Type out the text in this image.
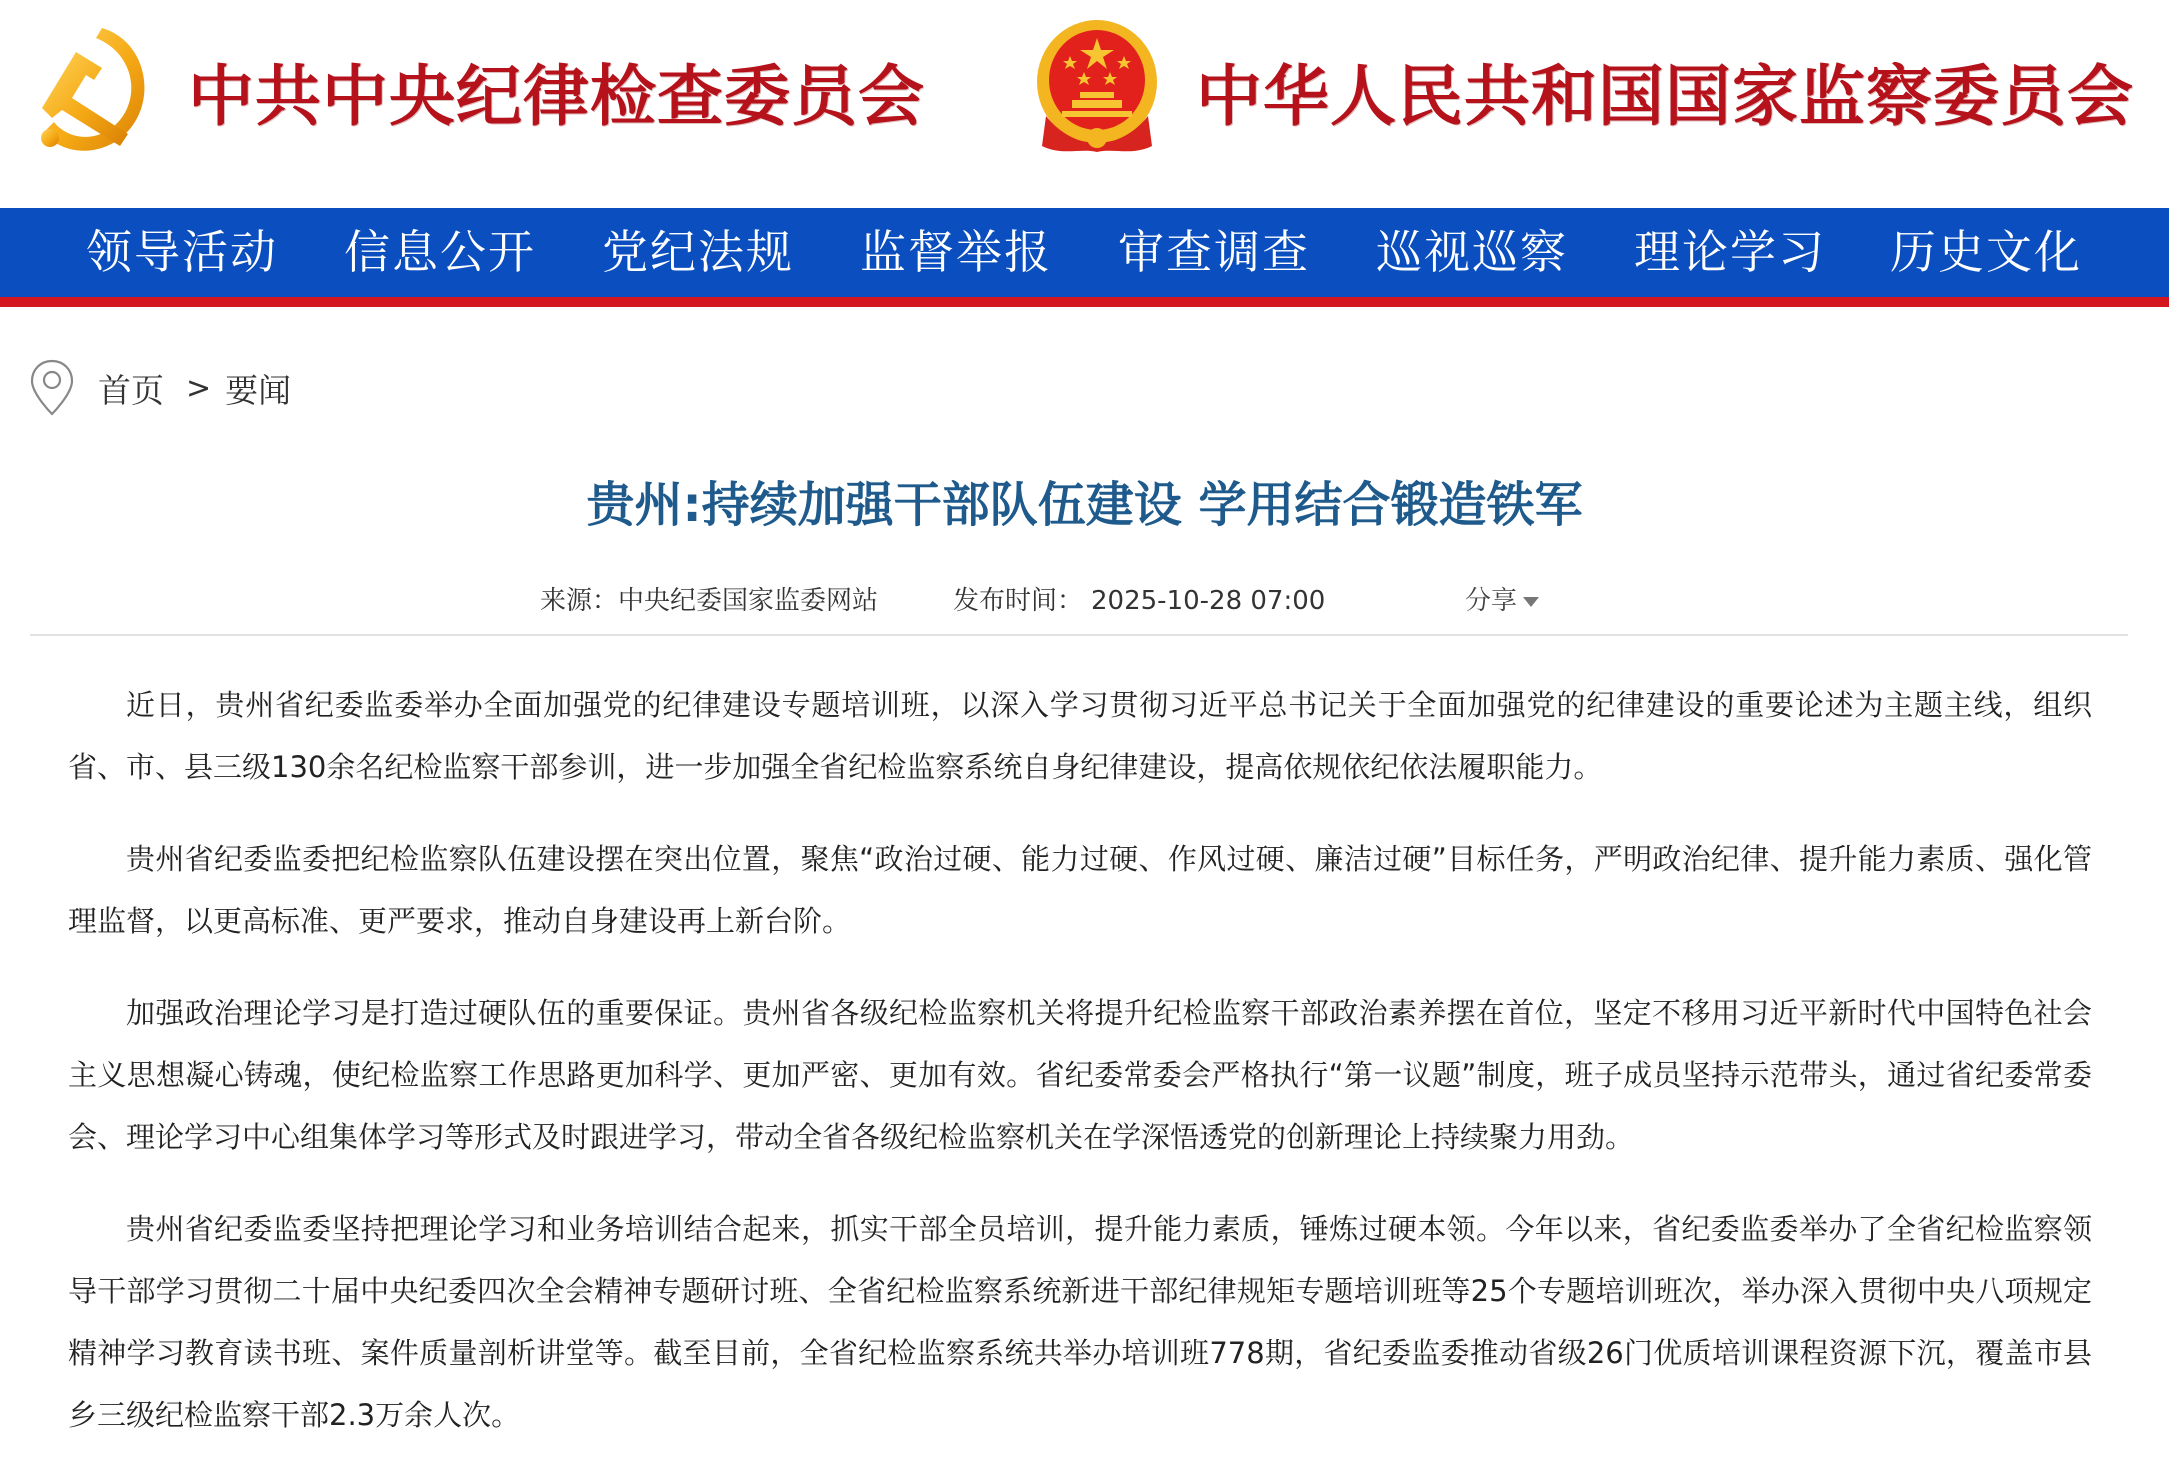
中共中央纪律检查委员会	中华人民共和国国家监察委员会
领导活动 信息公开 党纪法规 监督举报 审查调查 巡视巡察 理论学习 历史文化
首页 > 要闻
贵州:持续加强干部队伍建设 学用结合锻造铁军
来源：中央纪委国家监委网站	发布时间： 2025-10-28 07:00	分享

近日，贵州省纪委监委举办全面加强党的纪律建设专题培训班，以深入学习贯彻习近平总书记关于全面加强党的纪律建设的重要论述为主题主线，组织省、市、县三级130余名纪检监察干部参训，进一步加强全省纪检监察系统自身纪律建设，提高依规依纪依法履职能力。

贵州省纪委监委把纪检监察队伍建设摆在突出位置，聚焦“政治过硬、能力过硬、作风过硬、廉洁过硬”目标任务，严明政治纪律、提升能力素质、强化管理监督，以更高标准、更严要求，推动自身建设再上新台阶。

加强政治理论学习是打造过硬队伍的重要保证。贵州省各级纪检监察机关将提升纪检监察干部政治素养摆在首位，坚定不移用习近平新时代中国特色社会主义思想凝心铸魂，使纪检监察工作思路更加科学、更加严密、更加有效。省纪委常委会严格执行“第一议题”制度，班子成员坚持示范带头，通过省纪委常委会、理论学习中心组集体学习等形式及时跟进学习，带动全省各级纪检监察机关在学深悟透党的创新理论上持续聚力用劲。

贵州省纪委监委坚持把理论学习和业务培训结合起来，抓实干部全员培训，提升能力素质，锤炼过硬本领。今年以来，省纪委监委举办了全省纪检监察领导干部学习贯彻二十届中央纪委四次全会精神专题研讨班、全省纪检监察系统新进干部纪律规矩专题培训班等25个专题培训班次，举办深入贯彻中央八项规定精神学习教育读书班、案件质量剖析讲堂等。截至目前，全省纪检监察系统共举办培训班778期，省纪委监委推动省级26门优质培训课程资源下沉，覆盖市县乡三级纪检监察干部2.3万余人次。
